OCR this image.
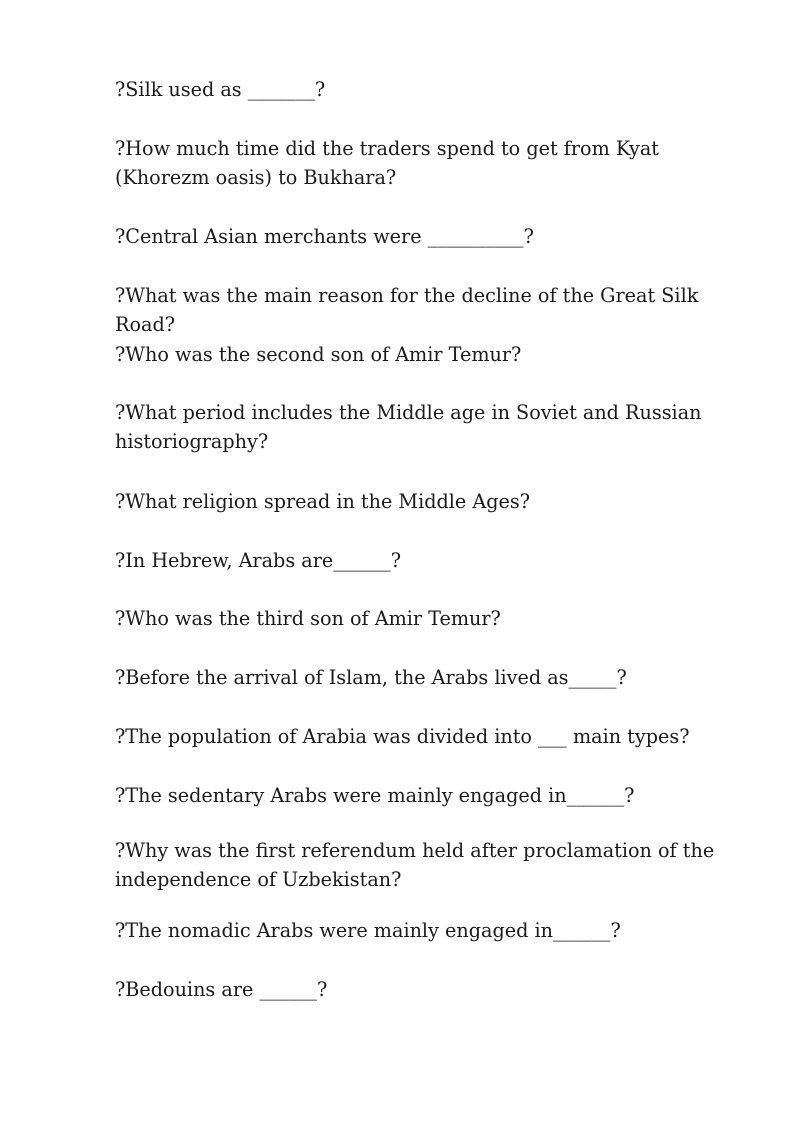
?Silk used as _______?

?How much time did the traders spend to get from Kyat (Khorezm oasis) to Bukhara?

?Central Asian merchants were __________?

?What was the main reason for the decline of the Great Silk Road?

?Who was the second son of Amir Temur?

?What period includes the Middle age in Soviet and Russian historiography?

?What religion spread in the Middle Ages?

?In Hebrew, Arabs are______?

?Who was the third son of Amir Temur?

?Before the arrival of Islam, the Arabs lived as_____?

?The population of Arabia was divided into ___ main types?

?The sedentary Arabs were mainly engaged in______?

?Why was the first referendum held after proclamation of the independence of Uzbekistan?

?The nomadic Arabs were mainly engaged in______?

?Bedouins are ______?
